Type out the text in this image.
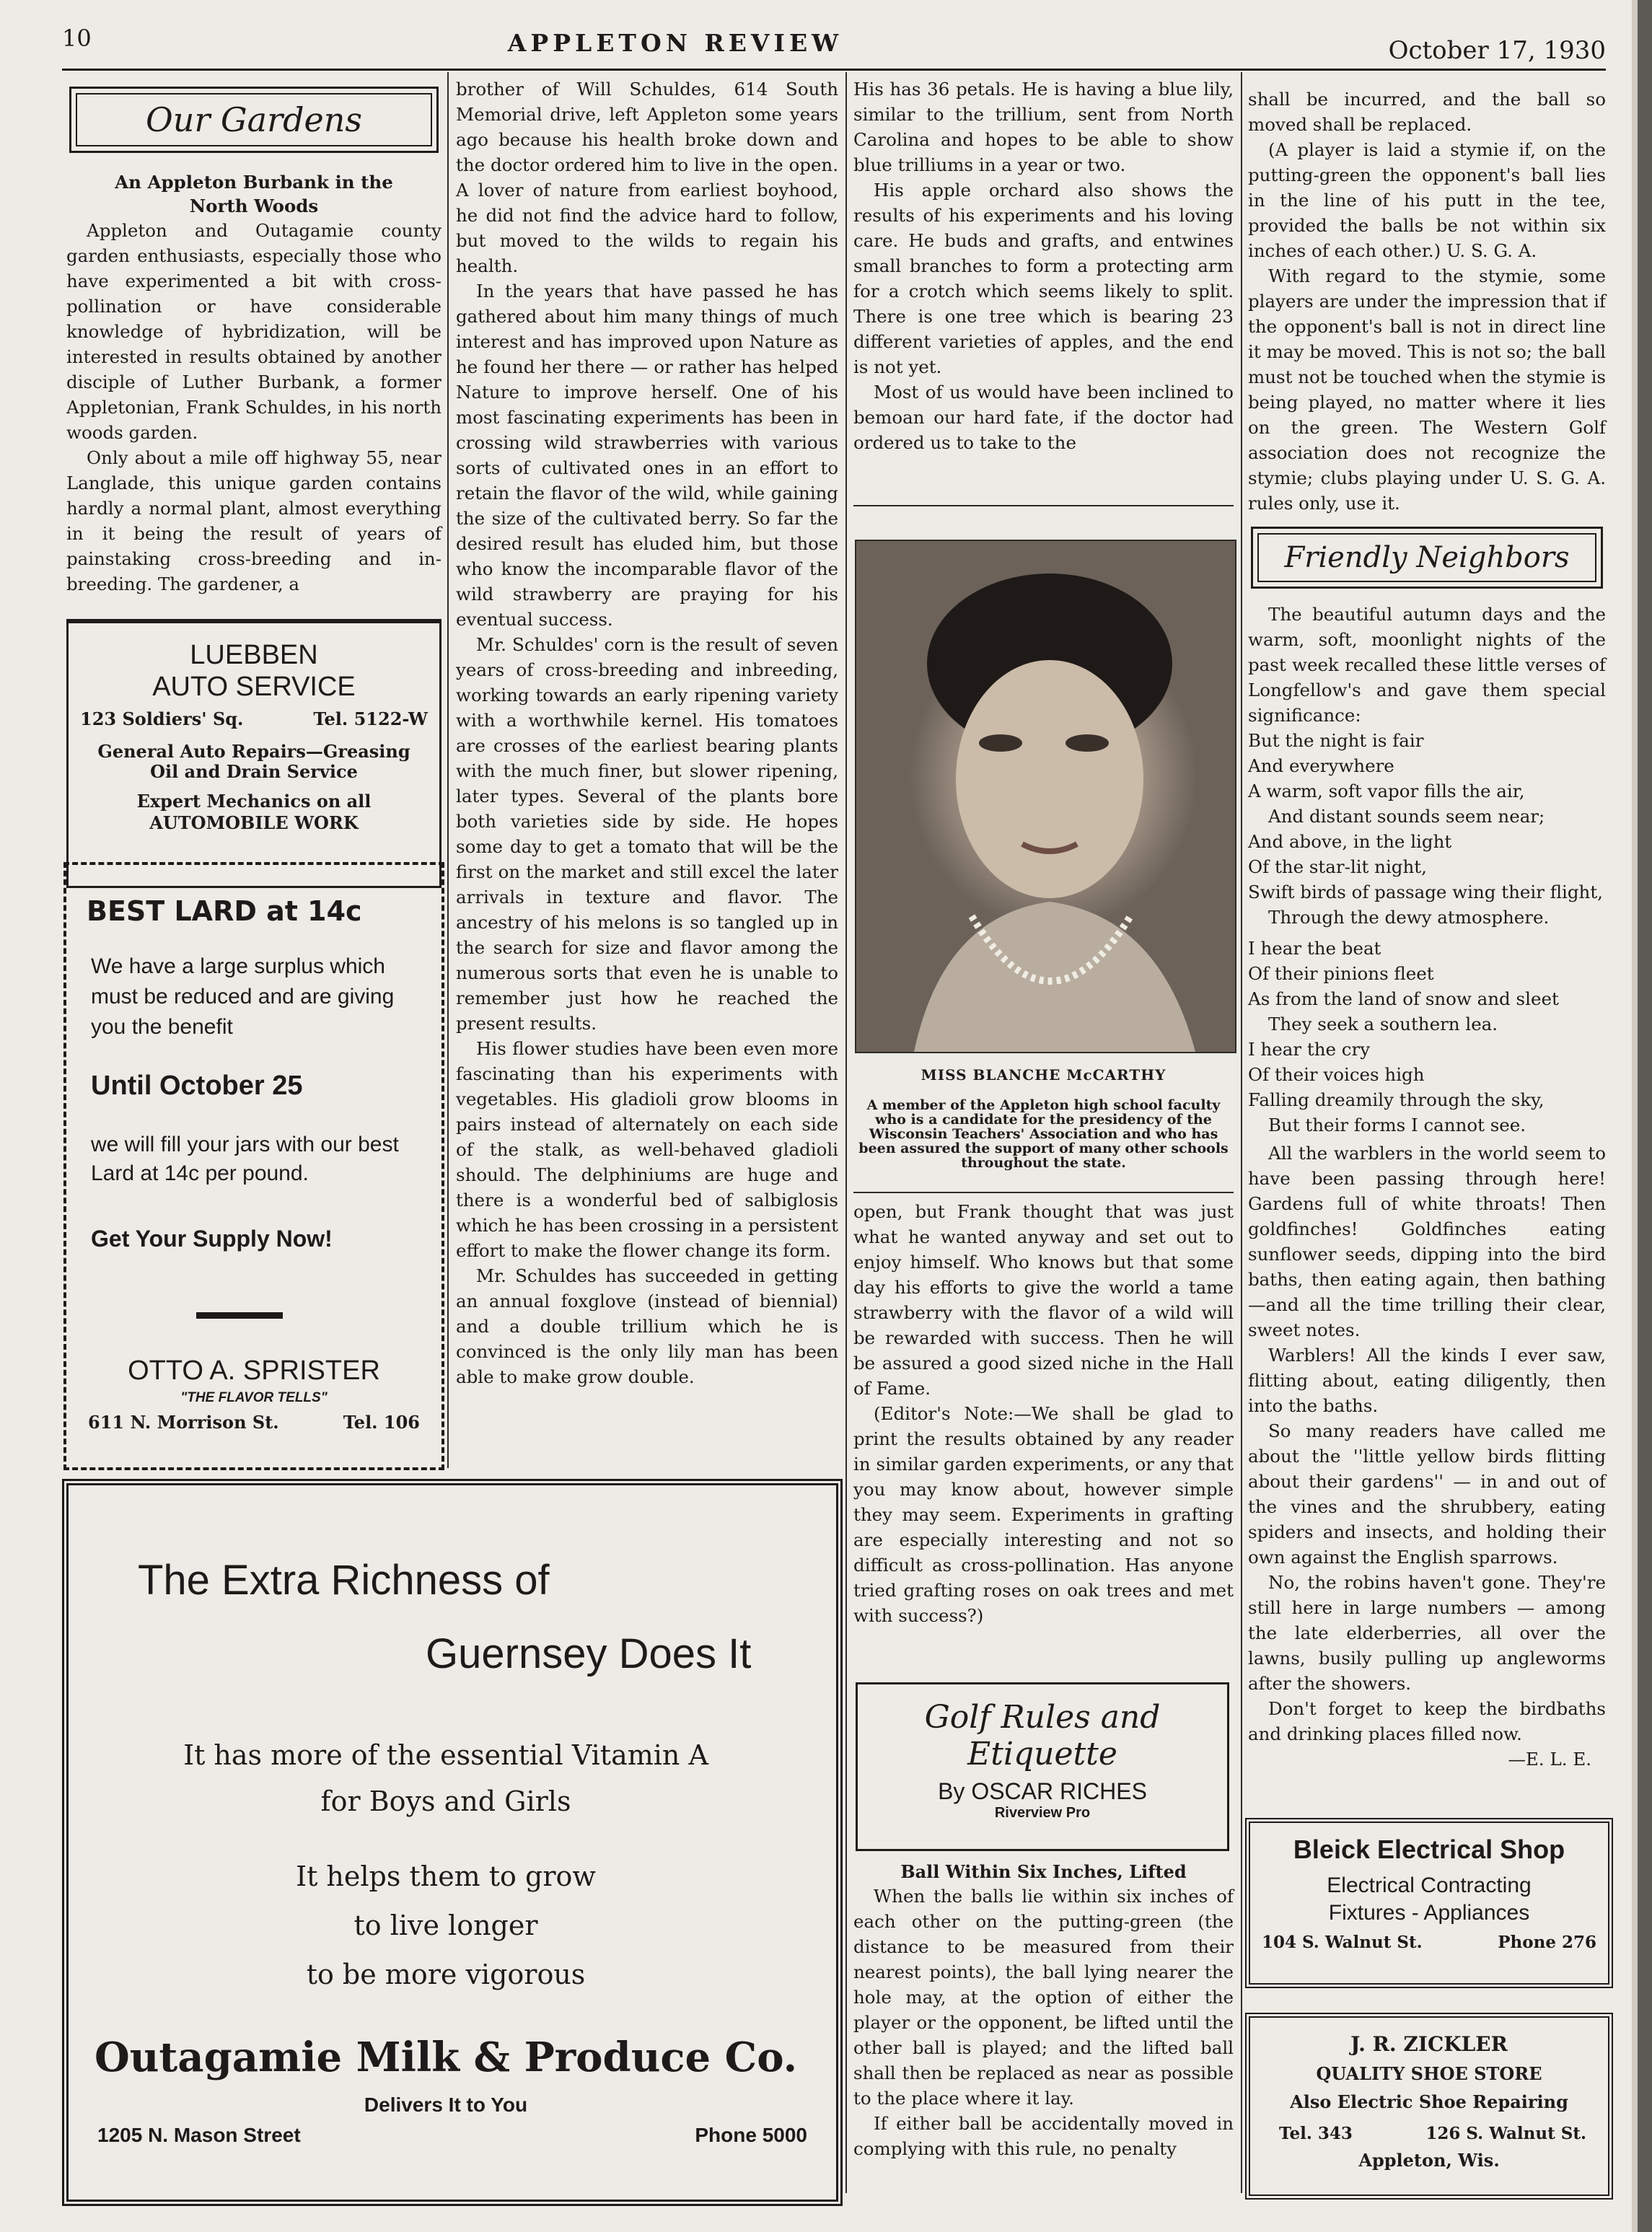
10	APPLETON REVIEW	October 17, 1930
Our Gardens
An Appleton Burbank in the
North Woods

Appleton and Outagamie county garden enthusiasts, especially those who have experimented a bit with cross-pollination or have considerable knowledge of hybridization, will be interested in results obtained by another disciple of Luther Burbank, a former Appletonian, Frank Schuldes, in his north woods garden.

Only about a mile off highway 55, near Langlade, this unique garden contains hardly a normal plant, almost everything in it being the result of years of painstaking cross-breeding and in-breeding. The gardener, a

LUEBBEN
AUTO SERVICE
123 Soldiers' Sq.	Tel. 5122-W
General Auto Repairs—Greasing
Oil and Drain Service
Expert Mechanics on all
AUTOMOBILE WORK
BEST LARD at 14c
We have a large surplus which must be reduced and are giving you the benefit
Until October 25
we will fill your jars with our best Lard at 14c per pound.
Get Your Supply Now!
OTTO A. SPRISTER
"THE FLAVOR TELLS"
611 N. Morrison St.	Tel. 106

brother of Will Schuldes, 614 South Memorial drive, left Appleton some years ago because his health broke down and the doctor ordered him to live in the open. A lover of nature from earliest boyhood, he did not find the advice hard to follow, but moved to the wilds to regain his health.

In the years that have passed he has gathered about him many things of much interest and has improved upon Nature as he found her there — or rather has helped Nature to improve herself. One of his most fascinating experiments has been in crossing wild strawberries with various sorts of cultivated ones in an effort to retain the flavor of the wild, while gaining the size of the cultivated berry. So far the desired result has eluded him, but those who know the incomparable flavor of the wild strawberry are praying for his eventual success.

Mr. Schuldes' corn is the result of seven years of cross-breeding and inbreeding, working towards an early ripening variety with a worthwhile kernel. His tomatoes are crosses of the earliest bearing plants with the much finer, but slower ripening, later types. Several of the plants bore both varieties side by side. He hopes some day to get a tomato that will be the first on the market and still excel the later arrivals in texture and flavor. The ancestry of his melons is so tangled up in the search for size and flavor among the numerous sorts that even he is unable to remember just how he reached the present results.

His flower studies have been even more fascinating than his experiments with vegetables. His gladioli grow blooms in pairs instead of alternately on each side of the stalk, as well-behaved gladioli should. The delphiniums are huge and there is a wonderful bed of salbiglosis which he has been crossing in a persistent effort to make the flower change its form.

Mr. Schuldes has succeeded in getting an annual foxglove (instead of biennial) and a double trillium which he is convinced is the only lily man has been able to make grow double.

The Extra Richness of
Guernsey Does It
It has more of the essential Vitamin A
for Boys and Girls
It helps them to grow
to live longer
to be more vigorous
Outagamie Milk & Produce Co.
Delivers It to You
1205 N. Mason Street	Phone 5000

His has 36 petals. He is having a blue lily, similar to the trillium, sent from North Carolina and hopes to be able to show blue trilliums in a year or two.

His apple orchard also shows the results of his experiments and his loving care. He buds and grafts, and entwines small branches to form a protecting arm for a crotch which seems likely to split. There is one tree which is bearing 23 different varieties of apples, and the end is not yet.

Most of us would have been inclined to bemoan our hard fate, if the doctor had ordered us to take to the

MISS BLANCHE McCARTHY
A member of the Appleton high school faculty who is a candidate for the presidency of the Wisconsin Teachers' Association and who has been assured the support of many other schools throughout the state.

open, but Frank thought that was just what he wanted anyway and set out to enjoy himself. Who knows but that some day his efforts to give the world a tame strawberry with the flavor of a wild will be rewarded with success. Then he will be assured a good sized niche in the Hall of Fame.

(Editor's Note:—We shall be glad to print the results obtained by any reader in similar garden experiments, or any that you may know about, however simple they may seem. Experiments in grafting are especially interesting and not so difficult as cross-pollination. Has anyone tried grafting roses on oak trees and met with success?)

Golf Rules and
Etiquette
By OSCAR RICHES
Riverview Pro
Ball Within Six Inches, Lifted

When the balls lie within six inches of each other on the putting-green (the distance to be measured from their nearest points), the ball lying nearer the hole may, at the option of either the player or the opponent, be lifted until the other ball is played; and the lifted ball shall then be replaced as near as possible to the place where it lay.

If either ball be accidentally moved in complying with this rule, no penalty

shall be incurred, and the ball so moved shall be replaced.

(A player is laid a stymie if, on the putting-green the opponent's ball lies in the line of his putt in the tee, provided the balls be not within six inches of each other.) U. S. G. A.

With regard to the stymie, some players are under the impression that if the opponent's ball is not in direct line it may be moved. This is not so; the ball must not be touched when the stymie is being played, no matter where it lies on the green. The Western Golf association does not recognize the stymie; clubs playing under U. S. G. A. rules only, use it.

Friendly Neighbors

The beautiful autumn days and the warm, soft, moonlight nights of the past week recalled these little verses of Longfellow's and gave them special significance:

But the night is fair
And everywhere
A warm, soft vapor fills the air,
And distant sounds seem near;
And above, in the light
Of the star-lit night,
Swift birds of passage wing their flight,
Through the dewy atmosphere.
I hear the beat
Of their pinions fleet
As from the land of snow and sleet
They seek a southern lea.
I hear the cry
Of their voices high
Falling dreamily through the sky,
But their forms I cannot see.

All the warblers in the world seem to have been passing through here! Gardens full of white throats! Then goldfinches! Goldfinches eating sunflower seeds, dipping into the bird baths, then eating again, then bathing —and all the time trilling their clear, sweet notes.

Warblers! All the kinds I ever saw, flitting about, eating diligently, then into the baths.

So many readers have called me about the ''little yellow birds flitting about their gardens'' — in and out of the vines and the shrubbery, eating spiders and insects, and holding their own against the English sparrows.

No, the robins haven't gone. They're still here in large numbers — among the late elderberries, all over the lawns, busily pulling up angleworms after the showers.

Don't forget to keep the birdbaths and drinking places filled now.

—E. L. E.
Bleick Electrical Shop
Electrical Contracting
Fixtures - Appliances
104 S. Walnut St.	Phone 276
J. R. ZICKLER
QUALITY SHOE STORE
Also Electric Shoe Repairing
Tel. 343	126 S. Walnut St.
Appleton, Wis.
